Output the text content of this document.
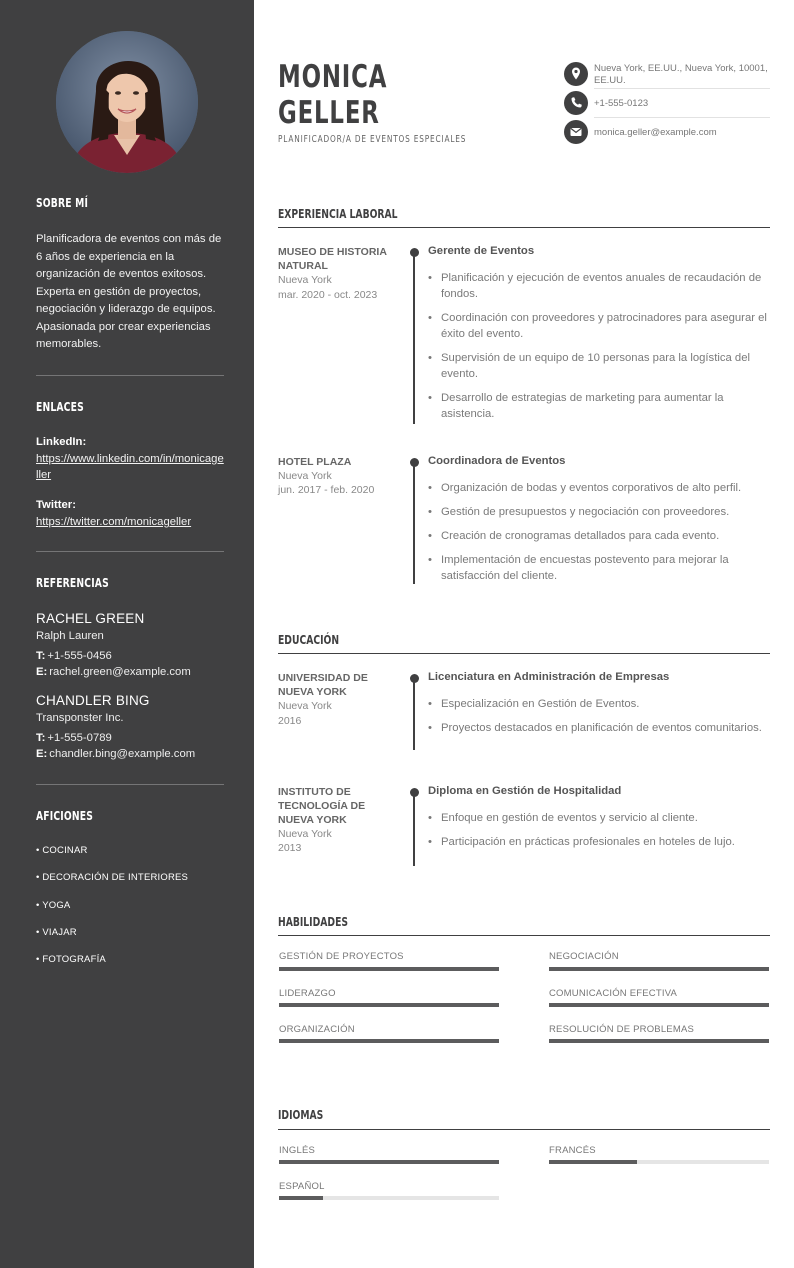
SOBRE MÍ
Planificadora de eventos con más de 6 años de experiencia en la organización de eventos exitosos. Experta en gestión de proyectos, negociación y liderazgo de equipos. Apasionada por crear experiencias memorables.
ENLACES
LinkedIn:
https://www.linkedin.com/in/monicageller
Twitter:
https://twitter.com/monicageller
REFERENCIAS
RACHEL GREEN
Ralph Lauren
T: +1-555-0456
E: rachel.green@example.com
CHANDLER BING
Transponster Inc.
T: +1-555-0789
E: chandler.bing@example.com
AFICIONES
• COCINAR
• DECORACIÓN DE INTERIORES
• YOGA
• VIAJAR
• FOTOGRAFÍA
MONICA
GELLER
PLANIFICADOR/A DE EVENTOS ESPECIALES
Nueva York, EE.UU., Nueva York, 10001, EE.UU.
+1-555-0123
monica.geller@example.com
EXPERIENCIA LABORAL
MUSEO DE HISTORIA NATURAL
Nueva York
mar. 2020 - oct. 2023
Gerente de Eventos
• Planificación y ejecución de eventos anuales de recaudación de fondos.
• Coordinación con proveedores y patrocinadores para asegurar el éxito del evento.
• Supervisión de un equipo de 10 personas para la logística del evento.
• Desarrollo de estrategias de marketing para aumentar la asistencia.
HOTEL PLAZA
Nueva York
jun. 2017 - feb. 2020
Coordinadora de Eventos
• Organización de bodas y eventos corporativos de alto perfil.
• Gestión de presupuestos y negociación con proveedores.
• Creación de cronogramas detallados para cada evento.
• Implementación de encuestas postevento para mejorar la satisfacción del cliente.
EDUCACIÓN
UNIVERSIDAD DE NUEVA YORK
Nueva York
2016
Licenciatura en Administración de Empresas
• Especialización en Gestión de Eventos.
• Proyectos destacados en planificación de eventos comunitarios.
INSTITUTO DE TECNOLOGÍA DE NUEVA YORK
Nueva York
2013
Diploma en Gestión de Hospitalidad
• Enfoque en gestión de eventos y servicio al cliente.
• Participación en prácticas profesionales en hoteles de lujo.
HABILIDADES
GESTIÓN DE PROYECTOS	NEGOCIACIÓN
LIDERAZGO	COMUNICACIÓN EFECTIVA
ORGANIZACIÓN	RESOLUCIÓN DE PROBLEMAS
IDIOMAS
INGLÉS	FRANCÉS
ESPAÑOL
